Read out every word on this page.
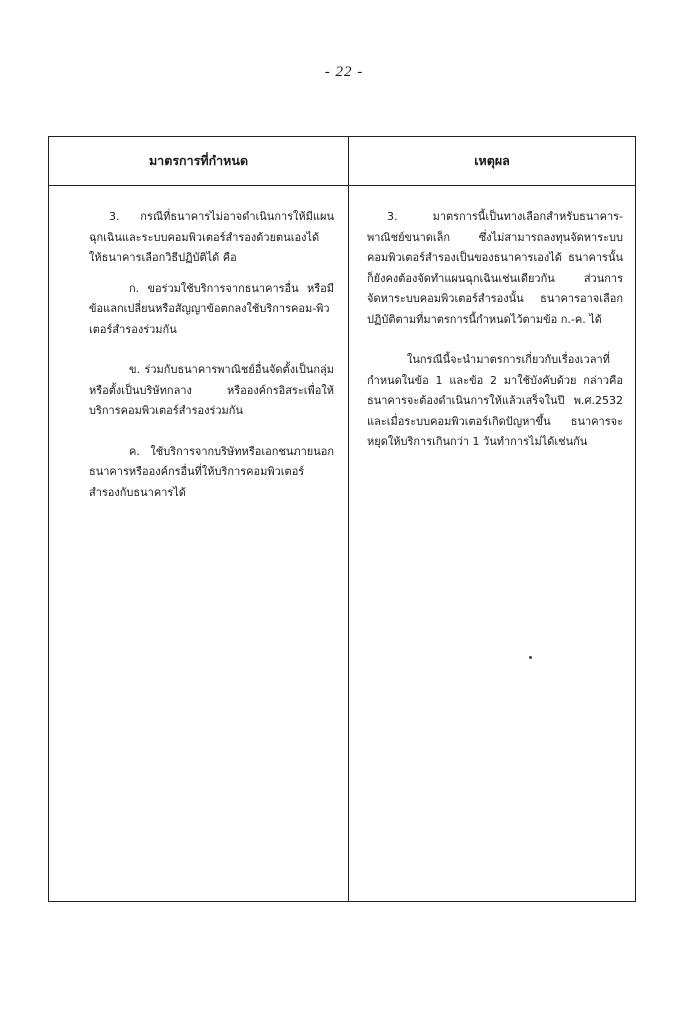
- 22 -
มาตรการที่กำหนด	เหตุผล

3. กรณีที่ธนาคารไม่อาจดำเนินการให้มีแผนฉุกเฉินและระบบคอมพิวเตอร์สำรองด้วยตนเองได้ ให้ธนาคารเลือกวิธีปฏิบัติได้ คือ

ก. ขอร่วมใช้บริการจากธนาคารอื่น หรือมีข้อแลกเปลี่ยนหรือสัญญาข้อตกลงใช้บริการคอม-พิวเตอร์สำรองร่วมกัน

ข. ร่วมกับธนาคารพาณิชย์อื่นจัดตั้งเป็นกลุ่มหรือตั้งเป็นบริษัทกลาง หรือองค์กรอิสระเพื่อให้บริการคอมพิวเตอร์สำรองร่วมกัน

ค. ใช้บริการจากบริษัทหรือเอกชนภายนอกธนาคารหรือองค์กรอื่นที่ให้บริการคอมพิวเตอร์สำรองกับธนาคารได้

3. มาตรการนี้เป็นทางเลือกสำหรับธนาคาร-พาณิชย์ขนาดเล็ก ซึ่งไม่สามารถลงทุนจัดหาระบบคอมพิวเตอร์สำรองเป็นของธนาคารเองได้ ธนาคารนั้นก็ยังคงต้องจัดทำแผนฉุกเฉินเช่นเดียวกัน ส่วนการจัดหาระบบคอมพิวเตอร์สำรองนั้น ธนาคารอาจเลือกปฏิบัติตามที่มาตรการนี้กำหนดไว้ตามข้อ ก.-ค. ได้

ในกรณีนี้จะนำมาตรการเกี่ยวกับเรื่องเวลาที่กำหนดในข้อ 1 และข้อ 2 มาใช้บังคับด้วย กล่าวคือ ธนาคารจะต้องดำเนินการให้แล้วเสร็จในปี พ.ศ.2532 และเมื่อระบบคอมพิวเตอร์เกิดปัญหาขึ้น ธนาคารจะหยุดให้บริการเกินกว่า 1 วันทำการไม่ได้เช่นกัน
